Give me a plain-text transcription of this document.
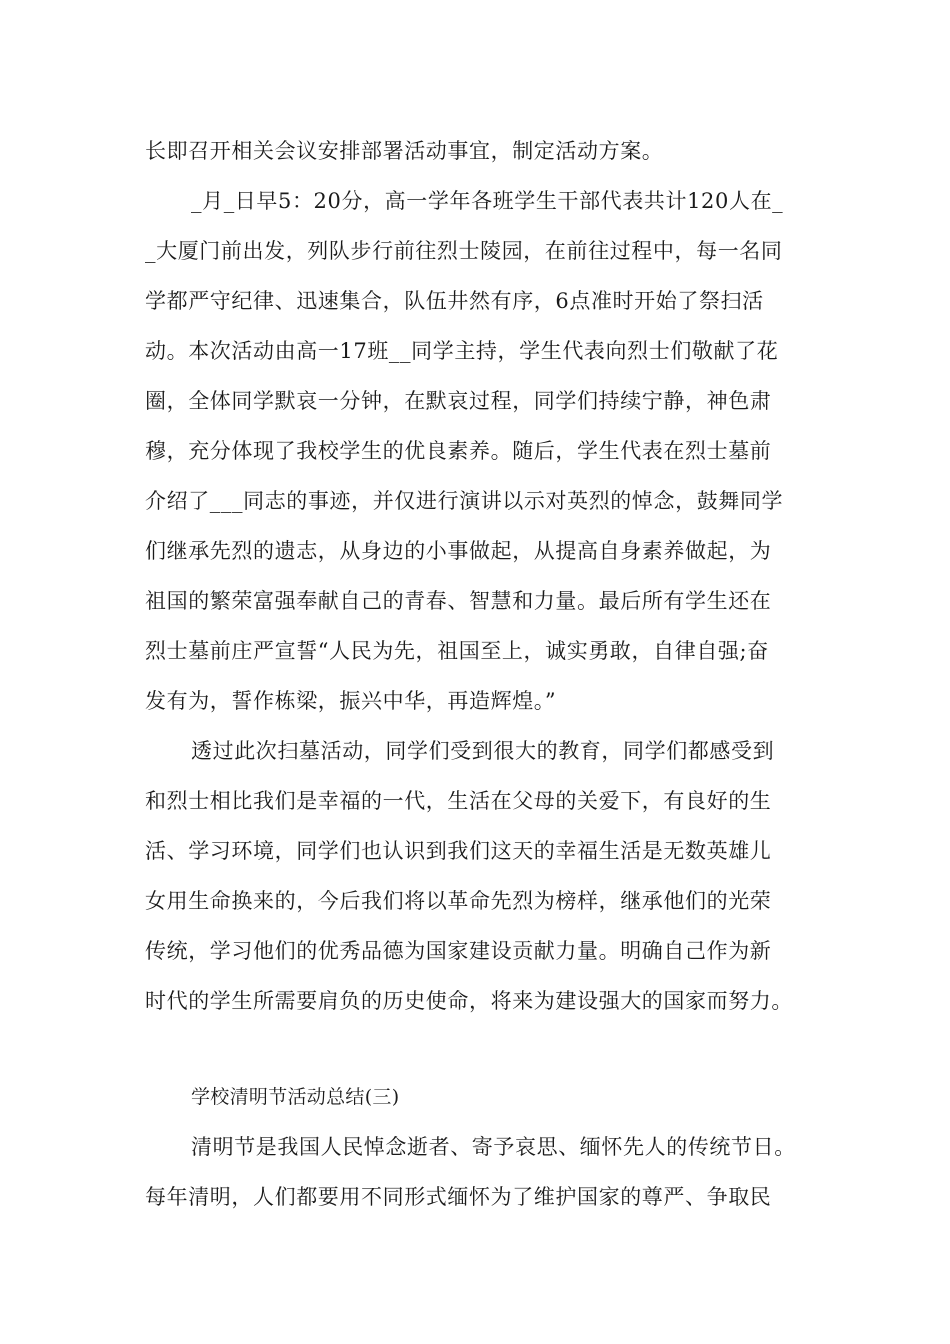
长即召开相关会议安排部署活动事宜，制定活动方案。
_月_日早5：20分，高一学年各班学生干部代表共计120人在_
_大厦门前出发，列队步行前往烈士陵园，在前往过程中，每一名同
学都严守纪律、迅速集合，队伍井然有序，6点准时开始了祭扫活
动。本次活动由高一17班__同学主持，学生代表向烈士们敬献了花
圈，全体同学默哀一分钟，在默哀过程，同学们持续宁静，神色肃
穆，充分体现了我校学生的优良素养。随后，学生代表在烈士墓前
介绍了___同志的事迹，并仅进行演讲以示对英烈的悼念，鼓舞同学
们继承先烈的遗志，从身边的小事做起，从提高自身素养做起，为
祖国的繁荣富强奉献自己的青春、智慧和力量。最后所有学生还在
烈士墓前庄严宣誓“人民为先，祖国至上，诚实勇敢，自律自强;奋
发有为，誓作栋梁，振兴中华，再造辉煌。”
透过此次扫墓活动，同学们受到很大的教育，同学们都感受到
和烈士相比我们是幸福的一代，生活在父母的关爱下，有良好的生
活、学习环境，同学们也认识到我们这天的幸福生活是无数英雄儿
女用生命换来的，今后我们将以革命先烈为榜样，继承他们的光荣
传统，学习他们的优秀品德为国家建设贡献力量。明确自己作为新
时代的学生所需要肩负的历史使命，将来为建设强大的国家而努力。
学校清明节活动总结(三)
清明节是我国人民悼念逝者、寄予哀思、缅怀先人的传统节日。
每年清明，人们都要用不同形式缅怀为了维护国家的尊严、争取民
